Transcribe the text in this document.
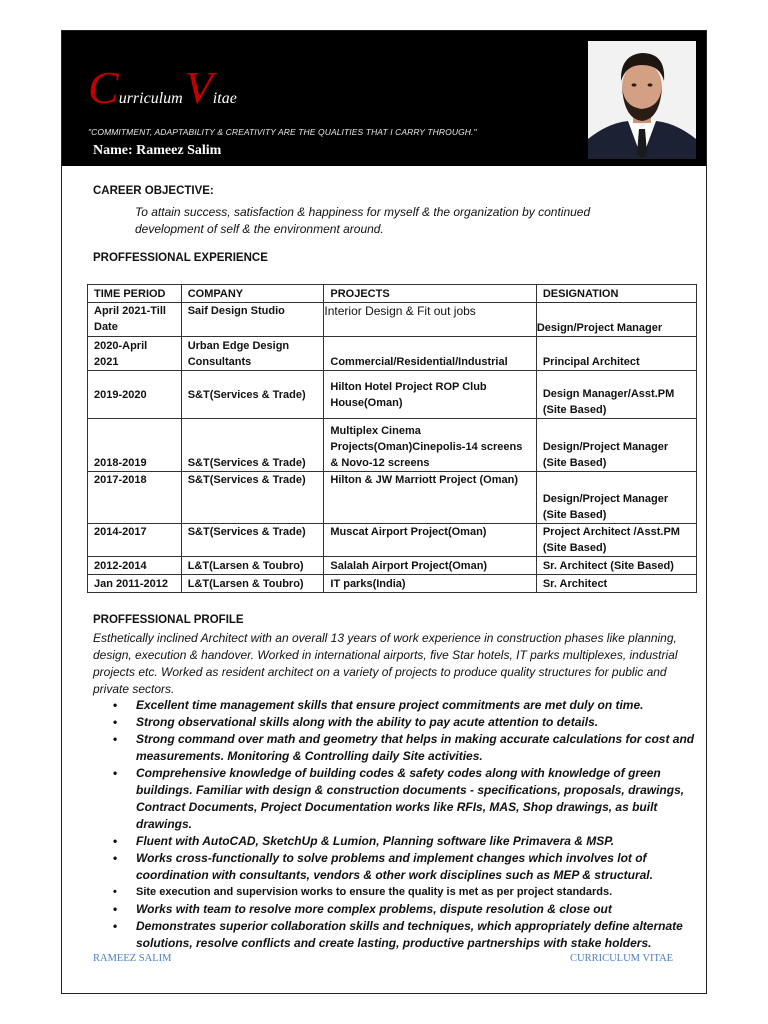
CurriculumVitae
"COMMITMENT, ADAPTABILITY & CREATIVITY ARE THE QUALITIES THAT I CARRY THROUGH."
Name: Rameez Salim
CAREER OBJECTIVE:
To attain success, satisfaction & happiness for myself & the organization by continued development of self & the environment around.
PROFFESSIONAL EXPERIENCE
TIME PERIOD	COMPANY	PROJECTS	DESIGNATION
April 2021-Till Date	Saif Design Studio	Interior Design & Fit out jobs	Design/Project Manager
2020-April 2021	Urban Edge Design Consultants	Commercial/Residential/Industrial	Principal Architect
2019-2020	S&T(Services & Trade)	Hilton Hotel Project ROP Club House(Oman)	Design Manager/Asst.PM (Site Based)
2018-2019	S&T(Services & Trade)	Multiplex Cinema Projects(Oman)Cinepolis-14 screens & Novo-12 screens	Design/Project Manager (Site Based)
2017-2018	S&T(Services & Trade)	Hilton & JW Marriott Project (Oman)	Design/Project Manager (Site Based)
2014-2017	S&T(Services & Trade)	Muscat Airport Project(Oman)	Project Architect /Asst.PM (Site Based)
2012-2014	L&T(Larsen & Toubro)	Salalah Airport Project(Oman)	Sr. Architect (Site Based)
Jan 2011-2012	L&T(Larsen & Toubro)	IT parks(India)	Sr. Architect
PROFFESSIONAL PROFILE
Esthetically inclined Architect with an overall 13 years of work experience in construction phases like planning, design, execution & handover. Worked in international airports, five Star hotels, IT parks multiplexes, industrial projects etc. Worked as resident architect on a variety of projects to produce quality structures for public and private sectors.
• Excellent time management skills that ensure project commitments are met duly on time.
• Strong observational skills along with the ability to pay acute attention to details.
• Strong command over math and geometry that helps in making accurate calculations for cost and measurements. Monitoring & Controlling daily Site activities.
• Comprehensive knowledge of building codes & safety codes along with knowledge of green buildings. Familiar with design & construction documents - specifications, proposals, drawings, Contract Documents, Project Documentation works like RFIs, MAS, Shop drawings, as built drawings.
• Fluent with AutoCAD, SketchUp & Lumion, Planning software like Primavera & MSP.
• Works cross-functionally to solve problems and implement changes which involves lot of coordination with consultants, vendors & other work disciplines such as MEP & structural.
• Site execution and supervision works to ensure the quality is met as per project standards.
• Works with team to resolve more complex problems, dispute resolution & close out
• Demonstrates superior collaboration skills and techniques, which appropriately define alternate solutions, resolve conflicts and create lasting, productive partnerships with stake holders.
RAMEEZ SALIM	CURRICULUM VITAE
